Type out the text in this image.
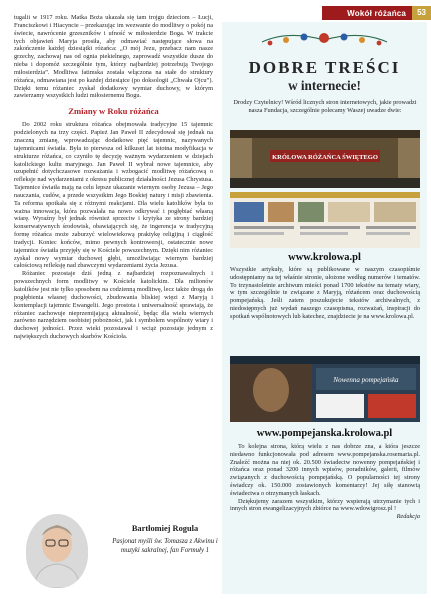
Wokół różańca	53

tugalii w 1917 roku. Matka Boża ukazała się tam trojgu dzieciom – Łucji, Franciszkowi i Hiacyncie – przekazując im wezwanie do modlitwy o pokój na świecie, nawrócenie grzeszników i ufność w miłosierdzie Boga. W trakcie tych objawień Maryja prosiła, aby odmawiać następujące słowa na zakończenie każdej dziesiątki różańca: „O mój Jezu, przebacz nam nasze grzechy, zachowaj nas od ognia piekielnego, zaprowadź wszystkie dusze do nieba i dopomóż szczególnie tym, którzy najbardziej potrzebują Twojego miłosierdzia”. Modlitwa fatimska została włączona na stałe do struktury różańca, odmawiana jest po każdej dziesiątce (po doksologii „Chwała Ojcu”). Dzięki temu różaniec zyskał dodatkowy wymiar duchowy, w którym zawierzamy wszystkich ludzi miłosiernemu Bogu.

Zmiany w Roku różańca

Do 2002 roku struktura różańca obejmowała tradycyjne 15 tajemnic podzielonych na trzy części. Papież Jan Paweł II zdecydował się jednak na znaczną zmianę, wprowadzając dodatkowe pięć tajemnic, nazywanych tajemnicami światła. Była to pierwsza od kilkuset lat istotna modyfikacja w strukturze różańca, co czyniło tę decyzję ważnym wydarzeniem w dziejach katolickiego kultu maryjnego. Jan Paweł II wybrał nowe tajemnice, aby uzupełnić dotychczasowe rozważania i wzbogacić modlitwę różańcową o refleksje nad wydarzeniami z okresu publicznej działalności Jezusa Chrystusa. Tajemnice światła mają na celu lepsze ukazanie wiernym osoby Jezusa – Jego nauczania, cudów, a przede wszystkim Jego Boskiej natury i misji zbawienia. Ta reforma spotkała się z różnymi reakcjami. Dla wielu katolików była to ważna innowacja, która pozwalała na nowo odkrywać i pogłębiać własną wiarę. Wyraźny był jednak również sprzeciw i krytyka ze strony bardziej konserwatywnych środowisk, obawiających się, że ingerencja w tradycyjną formę różańca może zaburzyć wielowiekową praktykę religijną i ciągłość tradycji. Koniec końców, mimo pewnych kontrowersji, ostatecznie nowe tajemnice światła przyjęły się w Kościele powszechnym. Dzięki nim różaniec zyskał nowy wymiar duchowej głębi, umożliwiając wiernym bardziej całościową refleksję nad zbawczymi wydarzeniami życia Jezusa.

Różaniec pozostaje dziś jedną z najbardziej rozpoznawalnych i powszechnych form modlitwy w Kościele katolickim. Dla milionów katolików jest nie tylko sposobem na codzienną modlitwę, lecz także drogą do pogłębienia własnej duchowości, zbudowania bliskiej więzi z Maryją i kontemplacji tajemnic Ewangelii. Jego prostota i uniwersalność sprawiają, że różaniec zachowuje nieprzemijającą aktualność, będąc dla wielu wiernych zarówno narzędziem osobistej pobożności, jak i symbolem wspólnoty wiary i duchowej jedności. Przez wieki pozostawał i wciąż pozostaje jednym z największych duchowych skarbów Kościoła.

Bartłomiej Rogula
Pasjonat myśli św. Tomasza z Akwinu i muzyki sakralnej, fan Formuły 1
DOBRE TREŚCI
w internecie!
Drodzy Czytelnicy! Wśród licznych stron internetowych, jakie prowadzi nasza Fundacja, szczególnie polecamy Waszej uwadze dwie:
KRÓLOWA RÓŻAŃCA ŚWIĘTEGO
www.krolowa.pl
Wszystkie artykuły, które są publikowane w naszym czasopiśmie udostępniamy na tej właśnie stronie, ułożone według numerów i tematów. To trzynastoletnie archiwum mieści ponad 1700 tekstów na tematy wiary, w tym szczególnie te związane z Maryją, różańcem oraz duchowością pompejańską. Jeśli zatem poszukujecie tekstów archiwalnych, z niedostępnych już wydań naszego czasopisma, rozważań, inspiracji do spotkań wspólnotowych lub katechez, znajdziecie je na www.krolowa.pl.
Nowenna pompejańska
www.pompejanska.krolowa.pl

To kolejna strona, którą wielu z nas dobrze zna, a która jeszcze niedawno funkcjonowała pod adresem www.pompejanska.rosemaria.pl. Znaleźć można na niej ok. 20.500 świadectw nowenny pompejańskiej i różańca oraz ponad 3200 innych wpisów, poradników, galerii, filmów związanych z duchowością pompejańską. O popularności tej strony świadczy ok. 150.000 zostawionych komentarzy! Jej siłę stanowią świadectwa o otrzymanych łaskach.

Dziękujemy zarazem wszystkim, którzy wspierają utrzymanie tych i innych stron ewangelizacyjnych zbiórce na www.wdowigrosz.pl !

Redakcja
